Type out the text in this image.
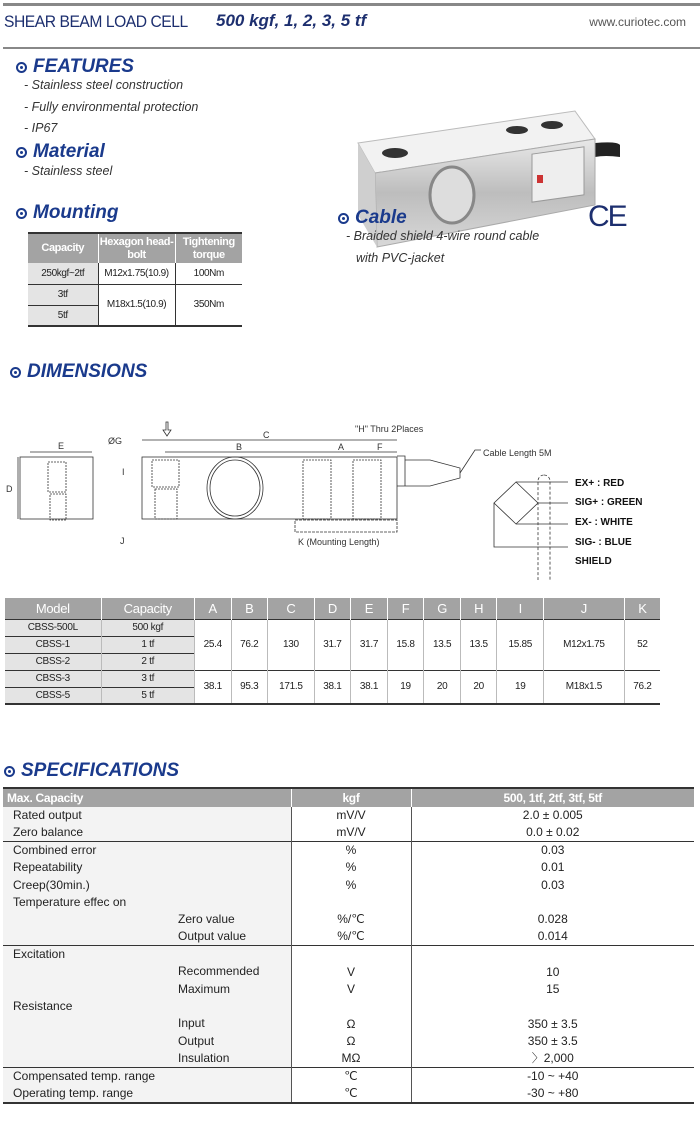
SHEAR BEAM LOAD CELL 500 kgf, 1, 2, 3, 5 tf	www.curiotec.com
FEATURES
- Stainless steel construction
- Fully environmental protection
- IP67
Material
- Stainless steel
Mounting
Capacity	Hexagon head-bolt	Tightening torque
250kgf~2tf	M12x1.75(10.9)	100Nm
3tf	M18x1.5(10.9)	350Nm
5tf		
Cable
- Braided shield 4-wire round cable
with PVC-jacket
CE
DIMENSIONS
E
D
C
B	A	F
ØG
I
J
"H" Thru 2Places
K (Mounting Length)
Cable Length 5M
EX+ : RED
SIG+ : GREEN
EX- : WHITE
SIG- : BLUE
SHIELD
Model	Capacity	A	B	C	D	E	F	G	H	I	J	K
CBSS-500L	500 kgf	25.4	76.2	130	31.7	31.7	15.8	13.5	13.5	15.85	M12x1.75	52
CBSS-1	1 tf											
CBSS-2	2 tf											
CBSS-3	3 tf	38.1	95.3	171.5	38.1	38.1	19	20	20	19	M18x1.5	76.2
CBSS-5	5 tf											
SPECIFICATIONS
Max. Capacity	kgf	500, 1tf, 2tf, 3tf, 5tf
Rated output	mV/V	2.0 ± 0.005
Zero balance	mV/V	0.0 ± 0.02
Combined error	%	0.03
Repeatability	%	0.01
Creep(30min.)	%	0.03
Temperature effec on

Zero value	%/℃	0.028

Output value	%/℃	0.014
Excitation

Recommended	V	10

Maximum	V	15
Resistance

Input	Ω	350 ± 3.5

Output	Ω	350 ± 3.5

Insulation	MΩ	〉2,000
Compensated temp. range	℃	-10 ~ +40
Operating temp. range	℃	-30 ~ +80
